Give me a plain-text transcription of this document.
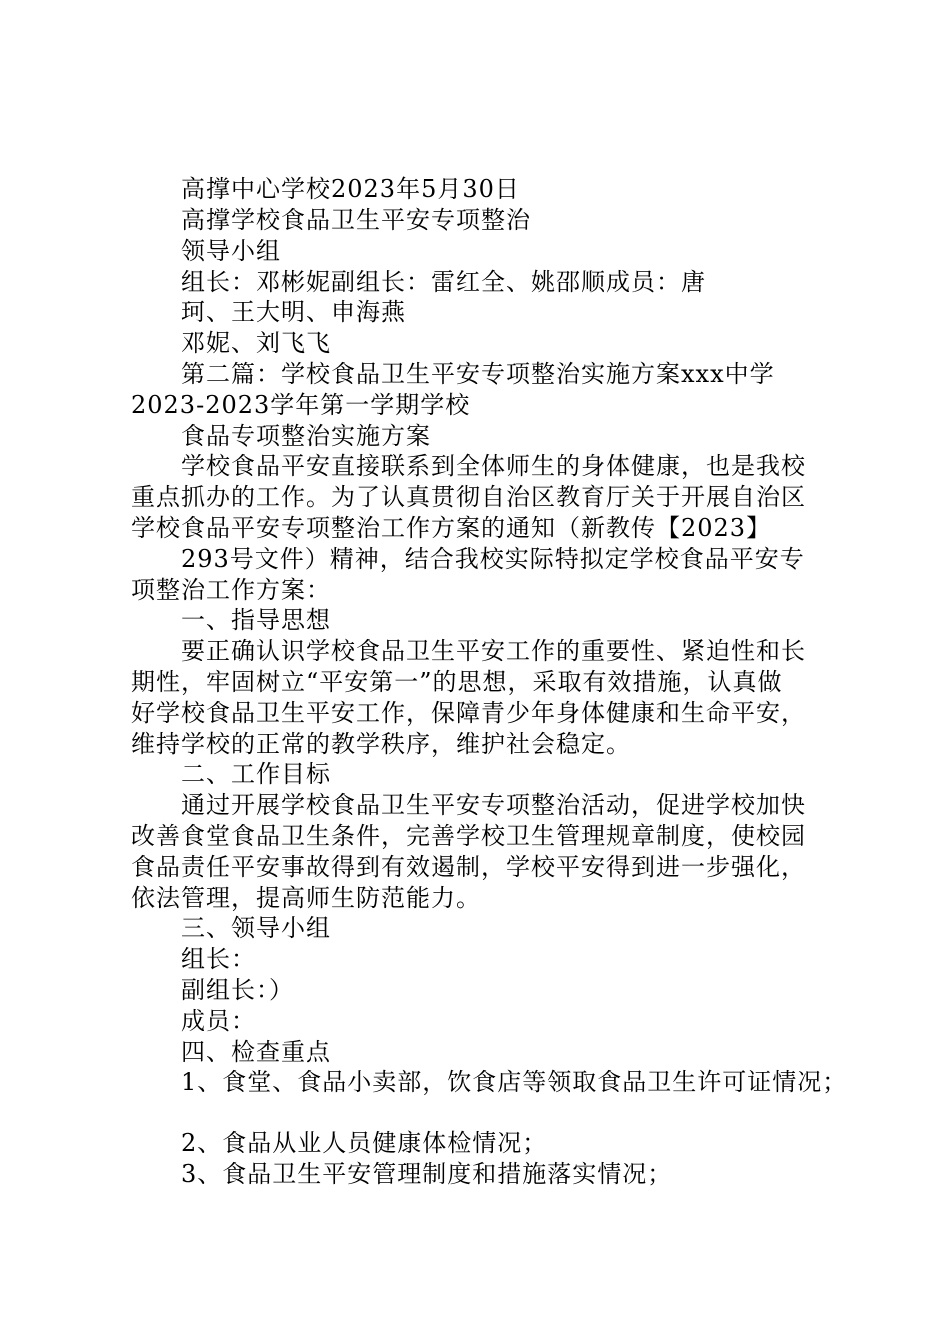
高撑中心学校2023年5月30日
高撑学校食品卫生平安专项整治
领导小组
组长：邓彬妮副组长：雷红全、姚邵顺成员：唐
珂、王大明、申海燕
邓妮、刘飞飞
第二篇：学校食品卫生平安专项整治实施方案xxx中学
2023-2023学年第一学期学校
食品专项整治实施方案
学校食品平安直接联系到全体师生的身体健康，也是我校
重点抓办的工作。为了认真贯彻自治区教育厅关于开展自治区
学校食品平安专项整治工作方案的通知（新教传【2023】
293号文件）精神，结合我校实际特拟定学校食品平安专
项整治工作方案：
一、指导思想
要正确认识学校食品卫生平安工作的重要性、紧迫性和长
期性，牢固树立“平安第一”的思想，采取有效措施，认真做
好学校食品卫生平安工作，保障青少年身体健康和生命平安，
维持学校的正常的教学秩序，维护社会稳定。
二、工作目标
通过开展学校食品卫生平安专项整治活动，促进学校加快
改善食堂食品卫生条件，完善学校卫生管理规章制度，使校园
食品责任平安事故得到有效遏制，学校平安得到进一步强化，
依法管理，提高师生防范能力。
三、领导小组
组长：
副组长：）
成员：
四、检查重点
1、食堂、食品小卖部，饮食店等领取食品卫生许可证情况；
2、食品从业人员健康体检情况；
3、食品卫生平安管理制度和措施落实情况；
